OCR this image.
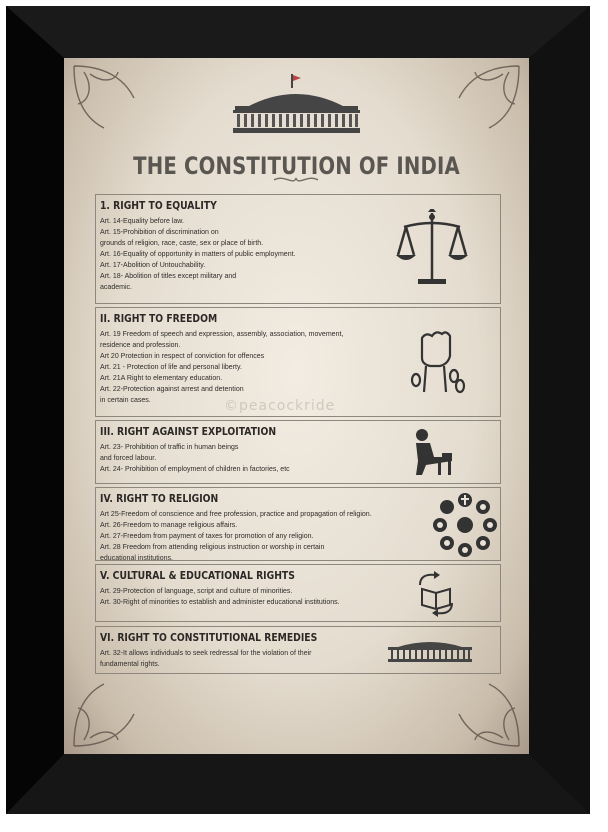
THE CONSTITUTION OF INDIA
©peacockride
1. RIGHT TO EQUALITY
Art. 14-Equality before law.
Art. 15-Prohibition of discrimination on
grounds of religion, race, caste, sex or place of birth.
Art. 16-Equality of opportunity in matters of public employment.
Art. 17-Abolition of Untouchability.
Art. 18- Abolition of titles except military and
academic.
II. RIGHT TO FREEDOM
Art. 19 Freedom of speech and expression, assembly, association, movement,
residence and profession.
Art 20 Protection in respect of conviction for offences
Art. 21 - Protection of life and personal liberty.
Art. 21A Right to elementary education.
Art. 22-Protection against arrest and detention
in certain cases.
III. RIGHT AGAINST EXPLOITATION
Art. 23- Prohibition of traffic in human beings
and forced labour.
Art. 24- Prohibition of employment of children in factories, etc
IV. RIGHT TO RELIGION
Art 25-Freedom of conscience and free profession, practice and propagation of religion.
Art. 26-Freedom to manage religious affairs.
Art. 27-Freedom from payment of taxes for promotion of any religion.
Art. 28 Freedom from attending religious instruction or worship in certain
educational institutions.
V. CULTURAL & EDUCATIONAL RIGHTS
Art. 29-Protection of language, script and culture of minorities.
Art. 30-Right of minorities to establish and administer educational institutions.
VI. RIGHT TO CONSTITUTIONAL REMEDIES
Art. 32-It allows individuals to seek redressal for the violation of their
fundamental rights.
